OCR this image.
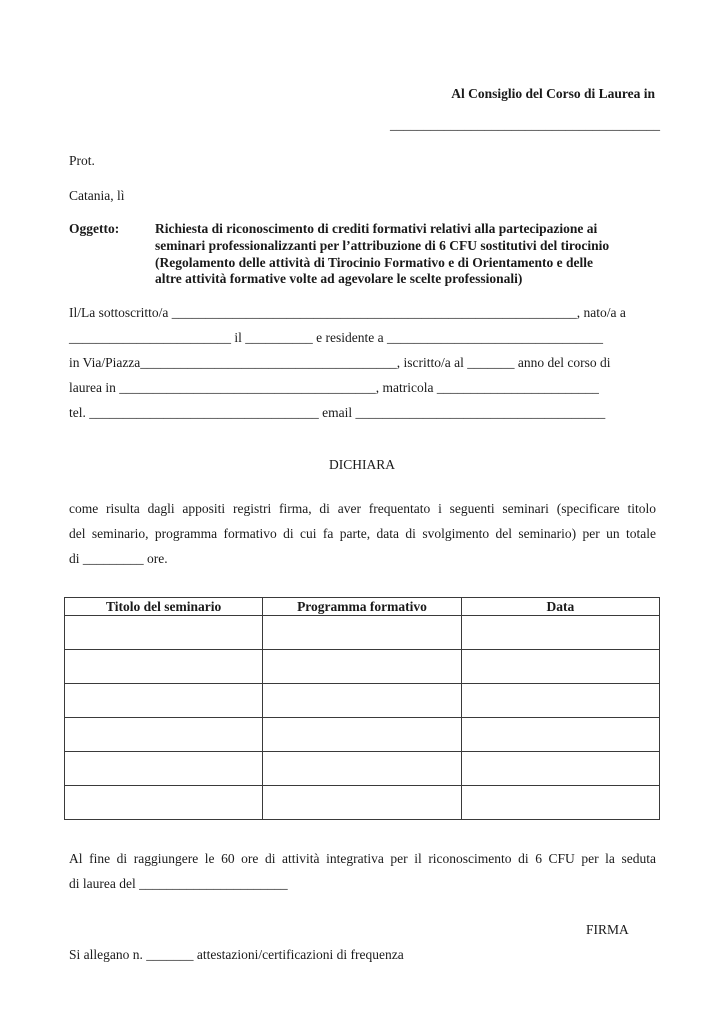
Al Consiglio del Corso di Laurea in
________________________________________
Prot.
Catania, lì
Oggetto:	Richiesta di riconoscimento di crediti formativi relativi alla partecipazione ai
seminari professionalizzanti per l’attribuzione di 6 CFU sostitutivi del tirocinio
(Regolamento delle attività di Tirocinio Formativo e di Orientamento e delle
altre attività formative volte ad agevolare le scelte professionali)
Il/La sottoscritto/a ____________________________________________________________, nato/a a
________________________ il __________ e residente a ________________________________
in Via/Piazza______________________________________, iscritto/a al _______ anno del corso di
laurea in ______________________________________, matricola ________________________
tel. __________________________________ email _____________________________________
DICHIARA
come risulta dagli appositi registri firma, di aver frequentato i seguenti seminari (specificare titolo
del seminario, programma formativo di cui fa parte, data di svolgimento del seminario) per un totale
di _________ ore.
Titolo del seminario	Programma formativo	Data

Al fine di raggiungere le 60 ore di attività integrativa per il riconoscimento di 6 CFU per la seduta
di laurea del ______________________
FIRMA
Si allegano n. _______ attestazioni/certificazioni di frequenza
